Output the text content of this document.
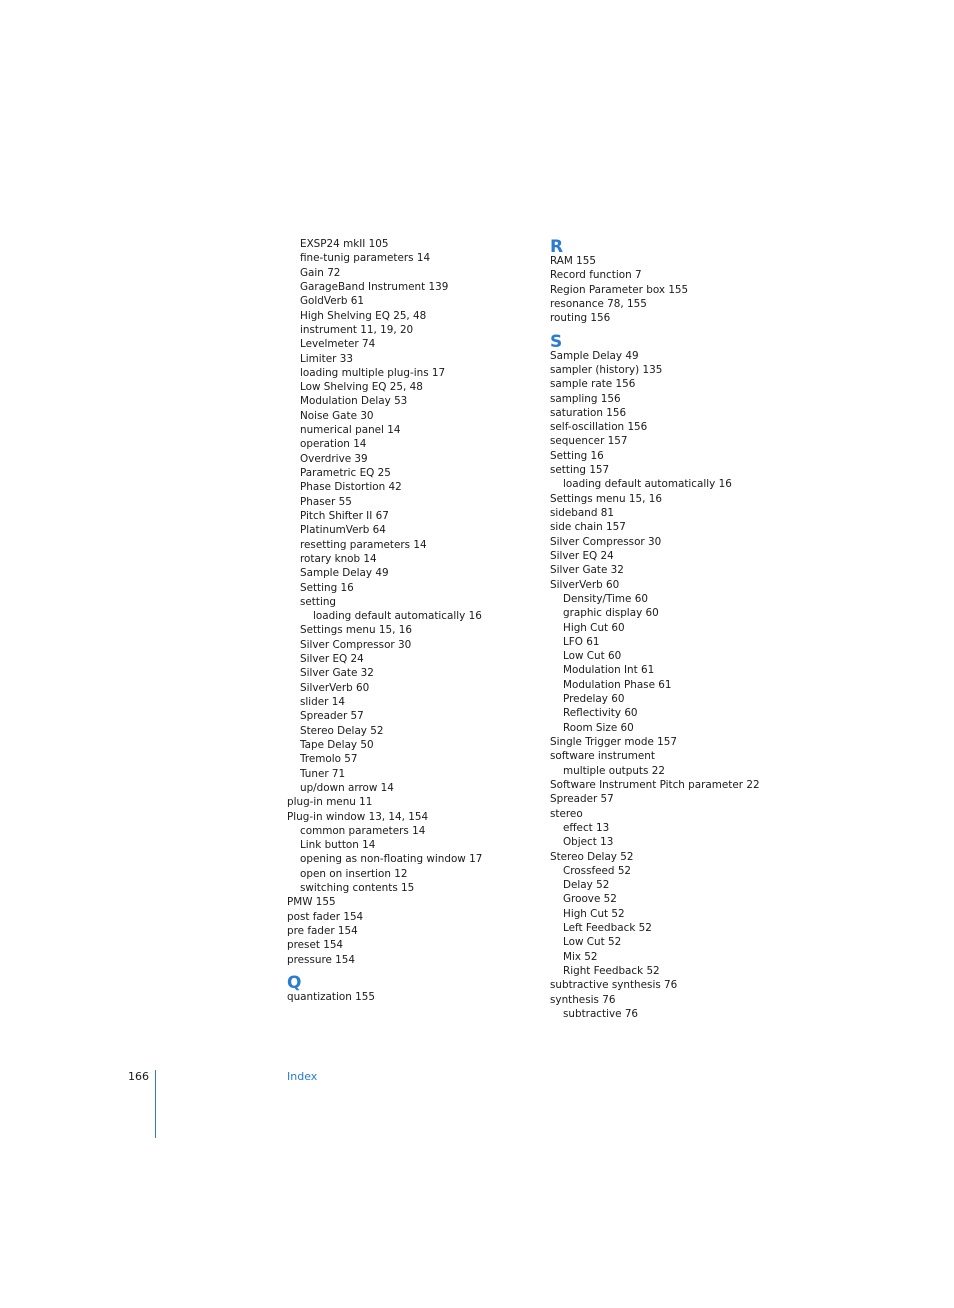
EXSP24 mkII 105
fine-tunig parameters 14
Gain 72
GarageBand Instrument 139
GoldVerb 61
High Shelving EQ 25, 48
instrument 11, 19, 20
Levelmeter 74
Limiter 33
loading multiple plug-ins 17
Low Shelving EQ 25, 48
Modulation Delay 53
Noise Gate 30
numerical panel 14
operation 14
Overdrive 39
Parametric EQ 25
Phase Distortion 42
Phaser 55
Pitch Shifter II 67
PlatinumVerb 64
resetting parameters 14
rotary knob 14
Sample Delay 49
Setting 16
setting
loading default automatically 16
Settings menu 15, 16
Silver Compressor 30
Silver EQ 24
Silver Gate 32
SilverVerb 60
slider 14
Spreader 57
Stereo Delay 52
Tape Delay 50
Tremolo 57
Tuner 71
up/down arrow 14
plug-in menu 11
Plug-in window 13, 14, 154
common parameters 14
Link button 14
opening as non-floating window 17
open on insertion 12
switching contents 15
PMW 155
post fader 154
pre fader 154
preset 154
pressure 154
Q
quantization 155
R
RAM 155
Record function 7
Region Parameter box 155
resonance 78, 155
routing 156
S
Sample Delay 49
sampler (history) 135
sample rate 156
sampling 156
saturation 156
self-oscillation 156
sequencer 157
Setting 16
setting 157
loading default automatically 16
Settings menu 15, 16
sideband 81
side chain 157
Silver Compressor 30
Silver EQ 24
Silver Gate 32
SilverVerb 60
Density/Time 60
graphic display 60
High Cut 60
LFO 61
Low Cut 60
Modulation Int 61
Modulation Phase 61
Predelay 60
Reflectivity 60
Room Size 60
Single Trigger mode 157
software instrument
multiple outputs 22
Software Instrument Pitch parameter 22
Spreader 57
stereo
effect 13
Object 13
Stereo Delay 52
Crossfeed 52
Delay 52
Groove 52
High Cut 52
Left Feedback 52
Low Cut 52
Mix 52
Right Feedback 52
subtractive synthesis 76
synthesis 76
subtractive 76
166	Index
